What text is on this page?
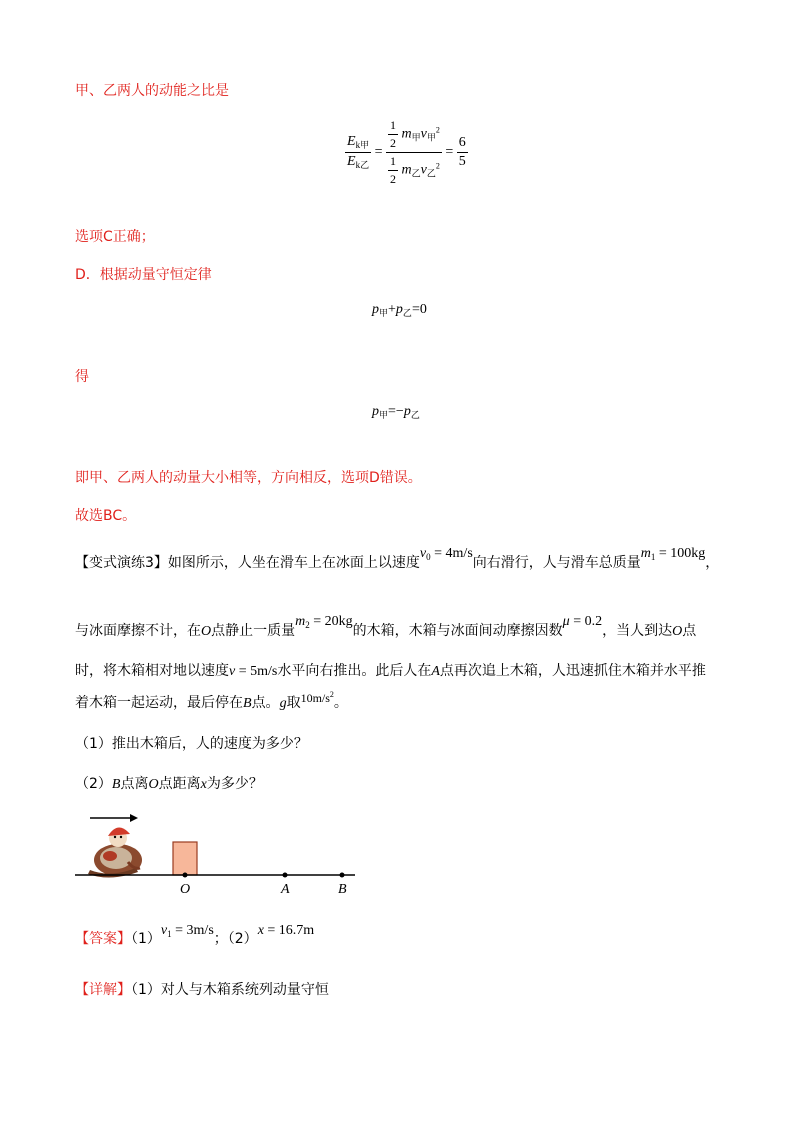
甲、乙两人的动能之比是
$\frac{E_{k甲}}{E_{k乙}} = \frac{\frac{1}{2} m_甲v_甲^2}{\frac{1}{2} m_乙v_乙^2} = \frac{6}{5}$
选项C正确；
D．根据动量守恒定律
$p_甲+p_乙=0$
得
$p_甲=-p_乙$
即甲、乙两人的动量大小相等，方向相反，选项D错误。
故选BC。
【变式演练3】如图所示，人坐在滑车上在冰面上以速度$v_0 = 4m/s$向右滑行，人与滑车总质量$m_1 = 100kg$，
与冰面摩擦不计，在O点静止一质量$m_2 = 20kg$的木箱，木箱与冰面间动摩擦因数μ = 0.2，当人到达O点
时，将木箱相对地以速度v = 5m/s水平向右推出。此后人在A点再次追上木箱，人迅速抓住木箱并水平推
着木箱一起运动，最后停在B点。g取$10m/s^2$。
（1）推出木箱后，人的速度为多少？
（2）B点离O点距离x为多少？
O	A	B
【答案】$(1)v_1 = 3m/s$；（2）x = 16.7m
【详解】（1）对人与木箱系统列动量守恒
